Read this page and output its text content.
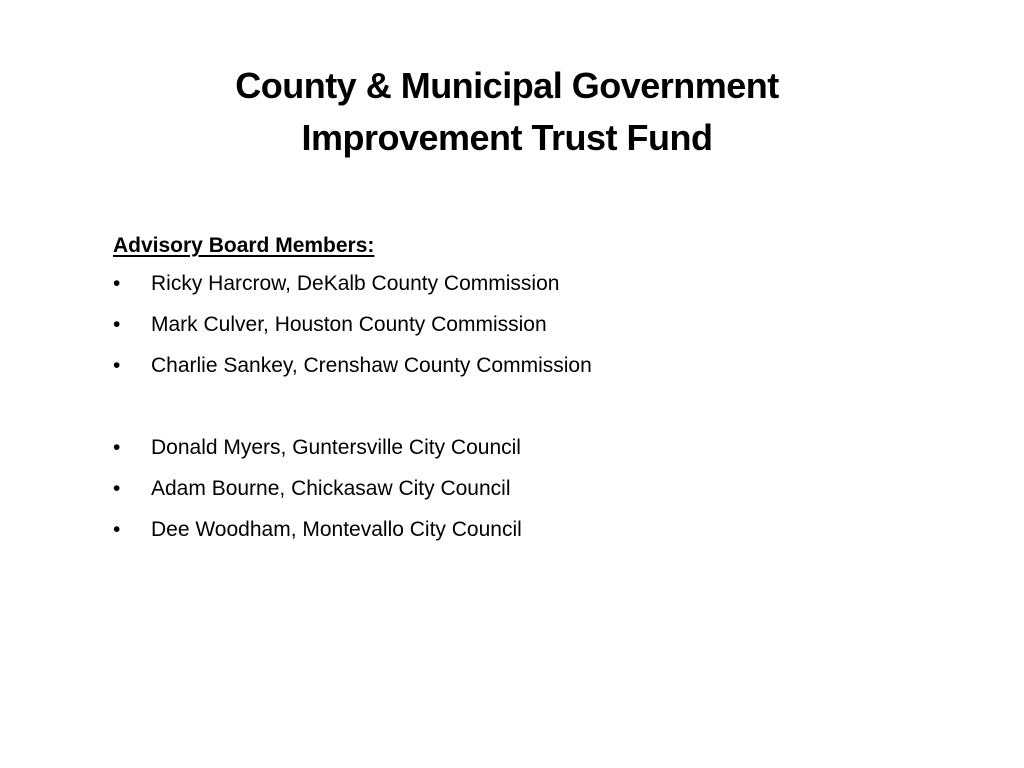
County & Municipal Government
Improvement Trust Fund

Advisory Board Members:

•	Ricky Harcrow, DeKalb County Commission
•	Mark Culver, Houston County Commission
•	Charlie Sankey, Crenshaw County Commission
•	Donald Myers, Guntersville City Council
•	Adam Bourne, Chickasaw City Council
•	Dee Woodham, Montevallo City Council
